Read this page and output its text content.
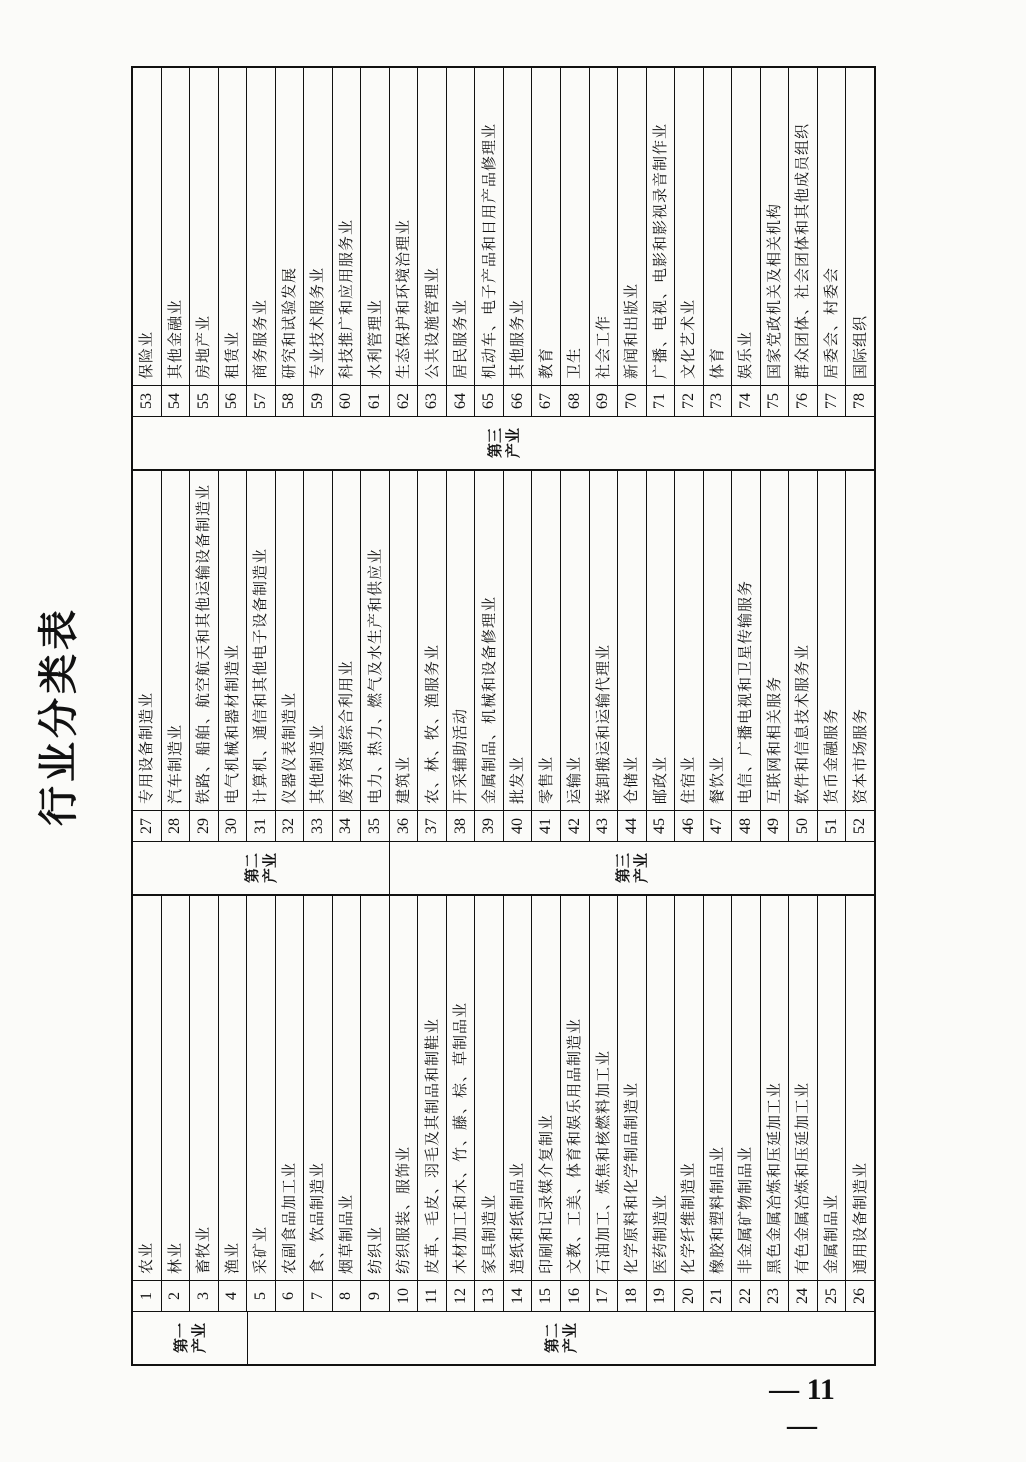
行业分类表
第一产业	第二产业
1
农业
2
林业
3
畜牧业
4
渔业
5
采矿业
6
农副食品加工业
7
食、饮品制造业
8
烟草制品业
9
纺织业
10
纺织服装、服饰业
11
皮革、毛皮、羽毛及其制品和制鞋业
12
木材加工和木、竹、藤、棕、草制品业
13
家具制造业
14
造纸和纸制品业
15
印刷和记录媒介复制业
16
文教、工美、体育和娱乐用品制造业
17
石油加工、炼焦和核燃料加工业
18
化学原料和化学制品制造业
19
医药制造业
20
化学纤维制造业
21
橡胶和塑料制品业
22
非金属矿物制品业
23
黑色金属冶炼和压延加工业
24
有色金属冶炼和压延加工业
25
金属制品业
26
通用设备制造业
第二产业	第三产业
27
专用设备制造业
28
汽车制造业
29
铁路、船舶、航空航天和其他运输设备制造业
30
电气机械和器材制造业
31
计算机、通信和其他电子设备制造业
32
仪器仪表制造业
33
其他制造业
34
废弃资源综合利用业
35
电力、热力、燃气及水生产和供应业
36
建筑业
37
农、林、牧、渔服务业
38
开采辅助活动
39
金属制品、机械和设备修理业
40
批发业
41
零售业
42
运输业
43
装卸搬运和运输代理业
44
仓储业
45
邮政业
46
住宿业
47
餐饮业
48
电信、广播电视和卫星传输服务
49
互联网和相关服务
50
软件和信息技术服务业
51
货币金融服务
52
资本市场服务
第三产业
53
保险业
54
其他金融业
55
房地产业
56
租赁业
57
商务服务业
58
研究和试验发展
59
专业技术服务业
60
科技推广和应用服务业
61
水利管理业
62
生态保护和环境治理业
63
公共设施管理业
64
居民服务业
65
机动车、电子产品和日用产品修理业
66
其他服务业
67
教育
68
卫生
69
社会工作
70
新闻和出版业
71
广播、电视、电影和影视录音制作业
72
文化艺术业
73
体育
74
娱乐业
75
国家党政机关及相关机构
76
群众团体、社会团体和其他成员组织
77
居委会、村委会
78
国际组织
— 11 —
